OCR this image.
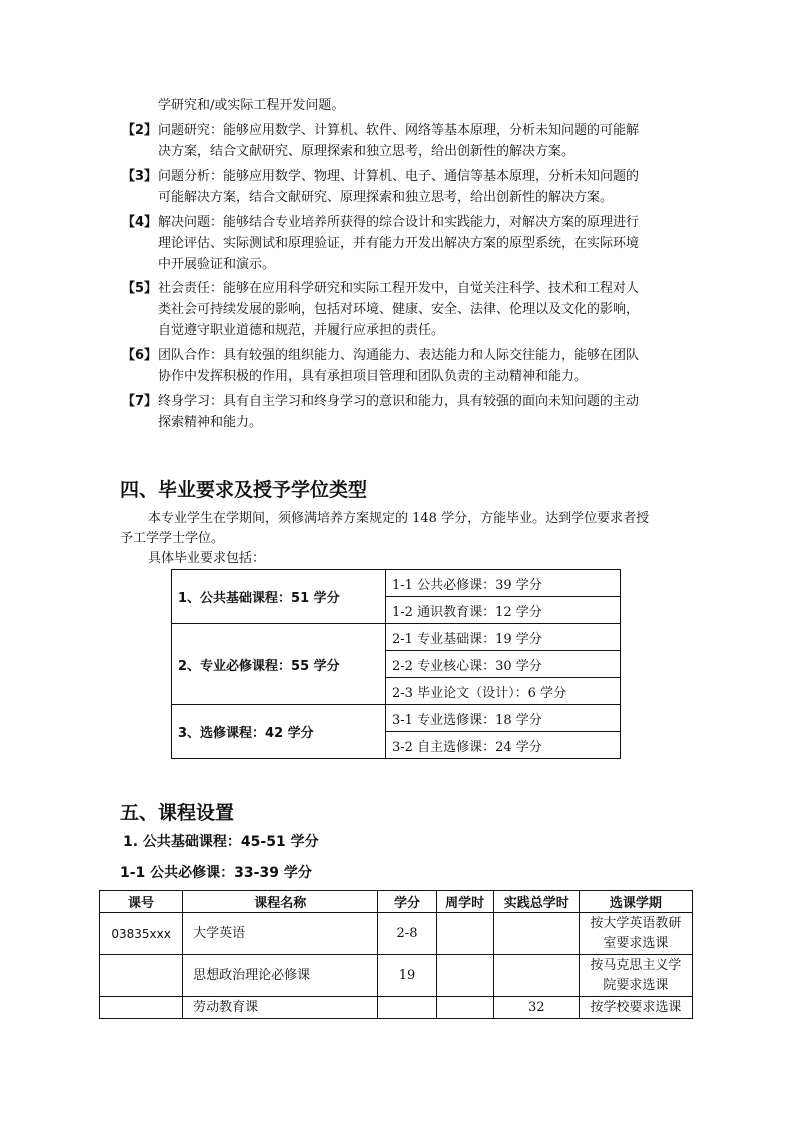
学研究和/或实际工程开发问题。
【2】 问题研究：能够应用数学、计算机、软件、网络等基本原理，分析未知问题的可能解
决方案，结合文献研究、原理探索和独立思考，给出创新性的解决方案。
【3】 问题分析：能够应用数学、物理、计算机、电子、通信等基本原理，分析未知问题的
可能解决方案，结合文献研究、原理探索和独立思考，给出创新性的解决方案。
【4】 解决问题：能够结合专业培养所获得的综合设计和实践能力，对解决方案的原理进行
理论评估、实际测试和原理验证，并有能力开发出解决方案的原型系统，在实际环境
中开展验证和演示。
【5】 社会责任：能够在应用科学研究和实际工程开发中，自觉关注科学、技术和工程对人
类社会可持续发展的影响，包括对环境、健康、安全、法律、伦理以及文化的影响，
自觉遵守职业道德和规范，并履行应承担的责任。
【6】 团队合作：具有较强的组织能力、沟通能力、表达能力和人际交往能力，能够在团队
协作中发挥积极的作用，具有承担项目管理和团队负责的主动精神和能力。
【7】 终身学习：具有自主学习和终身学习的意识和能力，具有较强的面向未知问题的主动
探索精神和能力。
四、毕业要求及授予学位类型
本专业学生在学期间，须修满培养方案规定的 148 学分，方能毕业。达到学位要求者授
予工学学士学位。
具体毕业要求包括：
1、公共基础课程：51 学分	1-1 公共必修课：39 学分
	1-2 通识教育课：12 学分
2、专业必修课程：55 学分	2-1 专业基础课：19 学分
	2-2 专业核心课：30 学分
	2-3 毕业论文（设计）：6 学分
3、选修课程：42 学分	3-1 专业选修课：18 学分
	3-2 自主选修课：24 学分
五、课程设置
1. 公共基础课程：45-51 学分
1-1 公共必修课：33-39 学分
课号	课程名称	学分	周学时	实践总学时	选课学期
03835xxx	大学英语	2-8			按大学英语教研
室要求选课

	思想政治理论必修课	19			按马克思主义学
院要求选课

	劳动教育课			32	按学校要求选课
